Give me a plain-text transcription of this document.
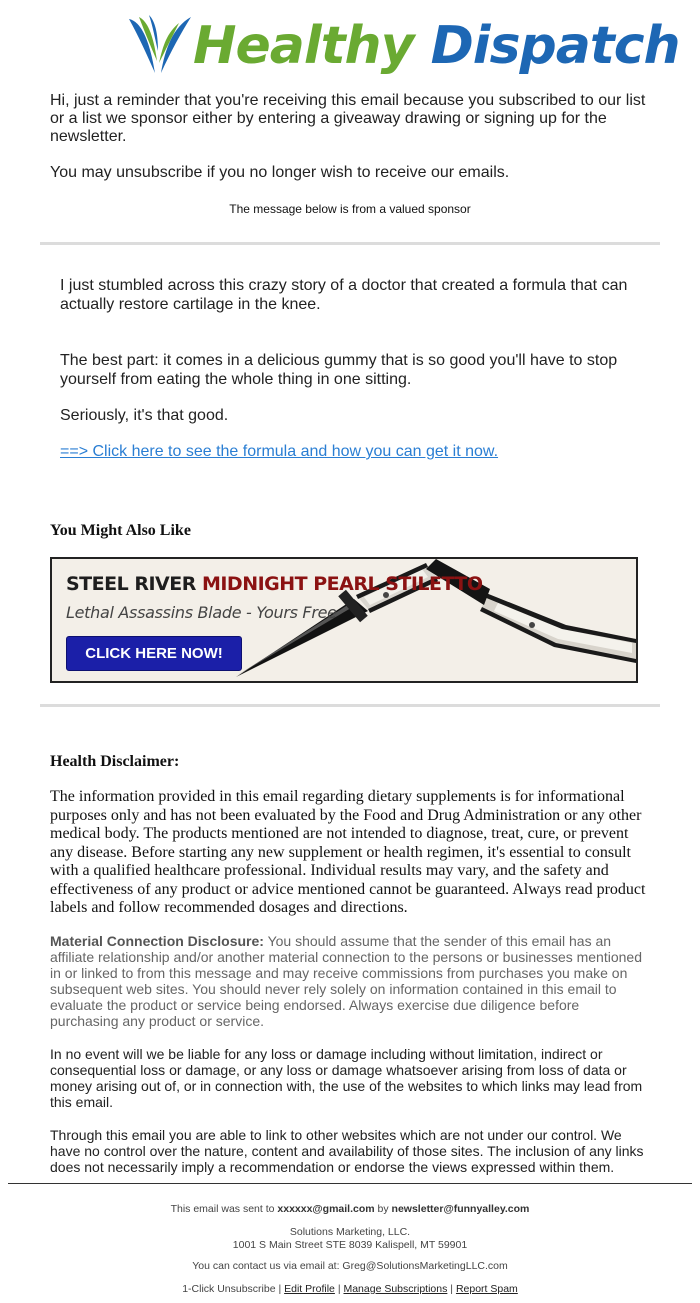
Healthy Dispatch

Hi, just a reminder that you're receiving this email because you subscribed to our list or a list we sponsor either by entering a giveaway drawing or signing up for the newsletter.

You may unsubscribe if you no longer wish to receive our emails.

The message below is from a valued sponsor
I just stumbled across this crazy story of a doctor that created a formula that can actually restore cartilage in the knee.
The best part: it comes in a delicious gummy that is so good you'll have to stop yourself from eating the whole thing in one sitting.
Seriously, it's that good.
==> Click here to see the formula and how you can get it now.
You Might Also Like
STEEL RIVER MIDNIGHT PEARL STILETTO
Lethal Assassins Blade - Yours Free
CLICK HERE NOW!
Health Disclaimer:
The information provided in this email regarding dietary supplements is for informational purposes only and has not been evaluated by the Food and Drug Administration or any other medical body. The products mentioned are not intended to diagnose, treat, cure, or prevent any disease. Before starting any new supplement or health regimen, it's essential to consult with a qualified healthcare professional. Individual results may vary, and the safety and effectiveness of any product or advice mentioned cannot be guaranteed. Always read product labels and follow recommended dosages and directions.
Material Connection Disclosure: You should assume that the sender of this email has an affiliate relationship and/or another material connection to the persons or businesses mentioned in or linked to from this message and may receive commissions from purchases you make on subsequent web sites. You should never rely solely on information contained in this email to evaluate the product or service being endorsed. Always exercise due diligence before purchasing any product or service.
In no event will we be liable for any loss or damage including without limitation, indirect or consequential loss or damage, or any loss or damage whatsoever arising from loss of data or money arising out of, or in connection with, the use of the websites to which links may lead from this email.
Through this email you are able to link to other websites which are not under our control. We have no control over the nature, content and availability of those sites. The inclusion of any links does not necessarily imply a recommendation or endorse the views expressed within them.
This email was sent to xxxxxx@gmail.com by newsletter@funnyalley.com
Solutions Marketing, LLC.
1001 S Main Street STE 8039 Kalispell, MT 59901
You can contact us via email at: Greg@SolutionsMarketingLLC.com
1-Click Unsubscribe | Edit Profile | Manage Subscriptions | Report Spam
